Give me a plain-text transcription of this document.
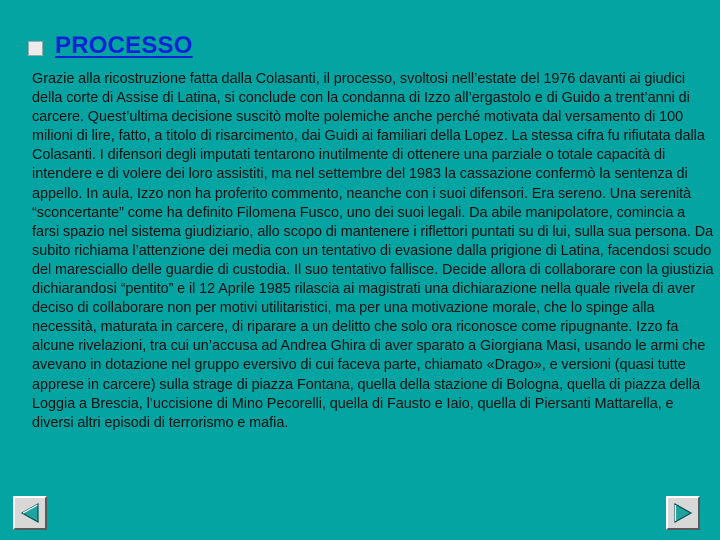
PROCESSO

Grazie alla ricostruzione fatta dalla Colasanti, il processo, svoltosi nell’estate del 1976 davanti ai giudici della corte di Assise di Latina, si conclude con la condanna di Izzo all’ergastolo e di Guido a trent’anni di carcere. Quest’ultima decisione suscitò molte polemiche anche perché motivata dal versamento di 100 milioni di lire, fatto, a titolo di risarcimento, dai Guidi ai familiari della Lopez. La stessa cifra fu rifiutata dalla Colasanti. I difensori degli imputati tentarono inutilmente di ottenere una parziale o totale capacità di intendere e di volere dei loro assistiti, ma nel settembre del 1983 la cassazione confermò la sentenza di appello. In aula, Izzo non ha proferito commento, neanche con i suoi difensori. Era sereno. Una serenità “sconcertante” come ha definito Filomena Fusco, uno dei suoi legali. Da abile manipolatore, comincia a farsi spazio nel sistema giudiziario, allo scopo di mantenere i riflettori puntati su di lui, sulla sua persona. Da subito richiama l’attenzione dei media con un tentativo di evasione dalla prigione di Latina, facendosi scudo del maresciallo delle guardie di custodia. Il suo tentativo fallisce. Decide allora di collaborare con la giustizia dichiarandosi “pentito” e il 12 Aprile 1985 rilascia ai magistrati una dichiarazione nella quale rivela di aver deciso di collaborare non per motivi utilitaristici, ma per una motivazione morale, che lo spinge alla necessità, maturata in carcere, di riparare a un delitto che solo ora riconosce come ripugnante. Izzo fa alcune rivelazioni, tra cui un’accusa ad Andrea Ghira di aver sparato a Giorgiana Masi, usando le armi che avevano in dotazione nel gruppo eversivo di cui faceva parte, chiamato «Drago», e versioni (quasi tutte apprese in carcere) sulla strage di piazza Fontana, quella della stazione di Bologna, quella di piazza della Loggia a Brescia, l’uccisione di Mino Pecorelli, quella di Fausto e Iaio, quella di Piersanti Mattarella, e diversi altri episodi di terrorismo e mafia.
